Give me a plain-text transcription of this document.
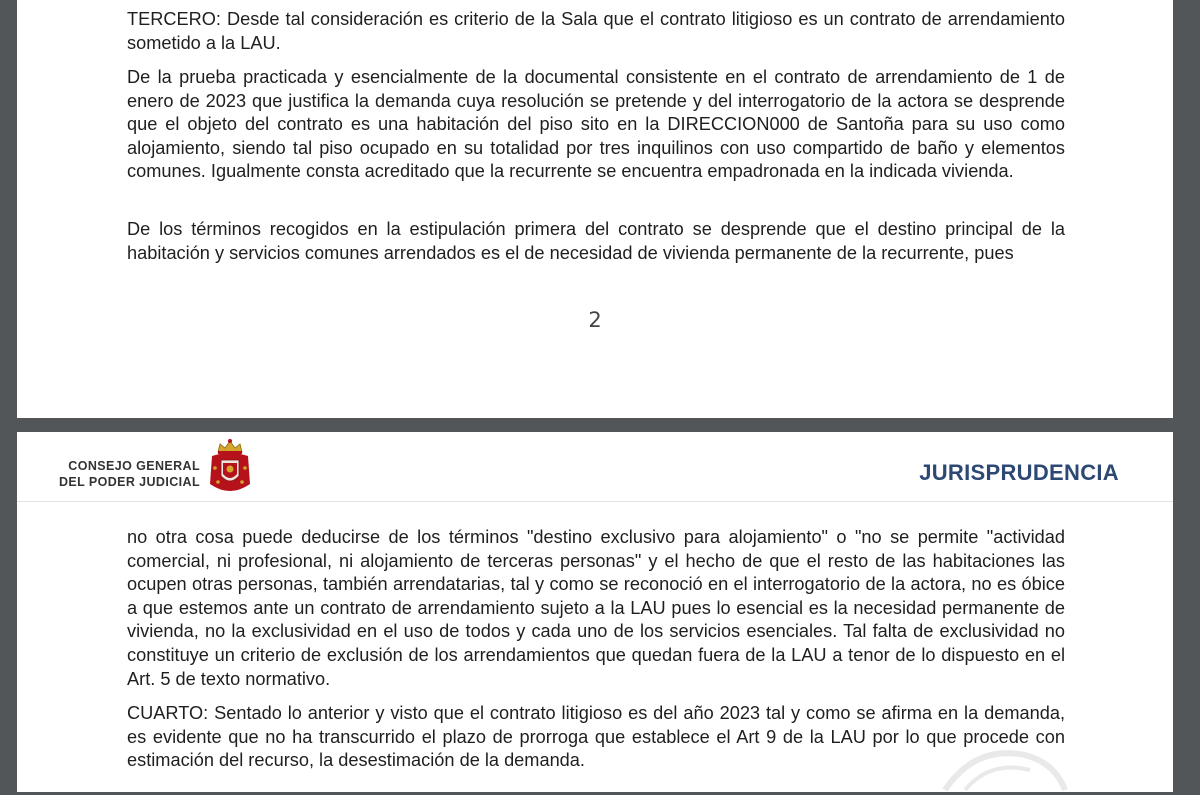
TERCERO: Desde tal consideración es criterio de la Sala que el contrato litigioso es un contrato de arrendamiento sometido a la LAU.

De la prueba practicada y esencialmente de la documental consistente en el contrato de arrendamiento de 1 de enero de 2023 que justifica la demanda cuya resolución se pretende y del interrogatorio de la actora se desprende que el objeto del contrato es una habitación del piso sito en la DIRECCION000 de Santoña para su uso como alojamiento, siendo tal piso ocupado en su totalidad por tres inquilinos con uso compartido de baño y elementos comunes. Igualmente consta acreditado que la recurrente se encuentra empadronada en la indicada vivienda.

De los términos recogidos en la estipulación primera del contrato se desprende que el destino principal de la habitación y servicios comunes arrendados es el de necesidad de vivienda permanente de la recurrente, pues

2
CONSEJO GENERAL
DEL PODER JUDICIAL	JURISPRUDENCIA

no otra cosa puede deducirse de los términos "destino exclusivo para alojamiento" o "no se permite "actividad comercial, ni profesional, ni alojamiento de terceras personas" y el hecho de que el resto de las habitaciones las ocupen otras personas, también arrendatarias, tal y como se reconoció en el interrogatorio de la actora, no es óbice a que estemos ante un contrato de arrendamiento sujeto a la LAU pues lo esencial es la necesidad permanente de vivienda, no la exclusividad en el uso de todos y cada uno de los servicios esenciales. Tal falta de exclusividad no constituye un criterio de exclusión de los arrendamientos que quedan fuera de la LAU a tenor de lo dispuesto en el Art. 5 de texto normativo.

CUARTO: Sentado lo anterior y visto que el contrato litigioso es del año 2023 tal y como se afirma en la demanda, es evidente que no ha transcurrido el plazo de prorroga que establece el Art 9 de la LAU por lo que procede con estimación del recurso, la desestimación de la demanda.
